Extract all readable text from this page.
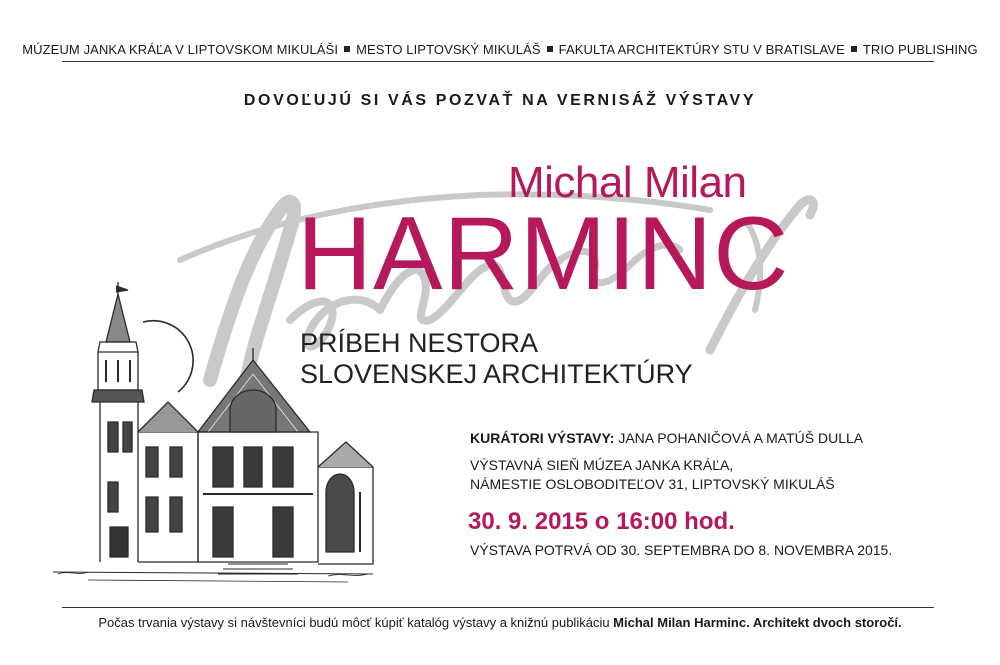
MÚZEUM JANKA KRÁĽA V LIPTOVSKOM MIKULÁŠI MESTO LIPTOVSKÝ MIKULÁŠ FAKULTA ARCHITEKTÚRY STU V BRATISLAVE TRIO PUBLISHING
DOVOĽUJÚ SI VÁS POZVAŤ NA VERNISÁŽ VÝSTAVY
Michal Milan
HARMINC
PRÍBEH NESTORA
SLOVENSKEJ ARCHITEKTÚRY
KURÁTORI VÝSTAVY: JANA POHANIČOVÁ A MATÚŠ DULLA
VÝSTAVNÁ SIEŇ MÚZEA JANKA KRÁĽA,
NÁMESTIE OSLOBODITEĽOV 31, LIPTOVSKÝ MIKULÁŠ
30. 9. 2015 o 16:00 hod.
VÝSTAVA POTRVÁ OD 30. SEPTEMBRA DO 8. NOVEMBRA 2015.
Počas trvania výstavy si návštevníci budú môcť kúpiť katalóg výstavy a knižnú publikáciu Michal Milan Harminc. Architekt dvoch storočí.
